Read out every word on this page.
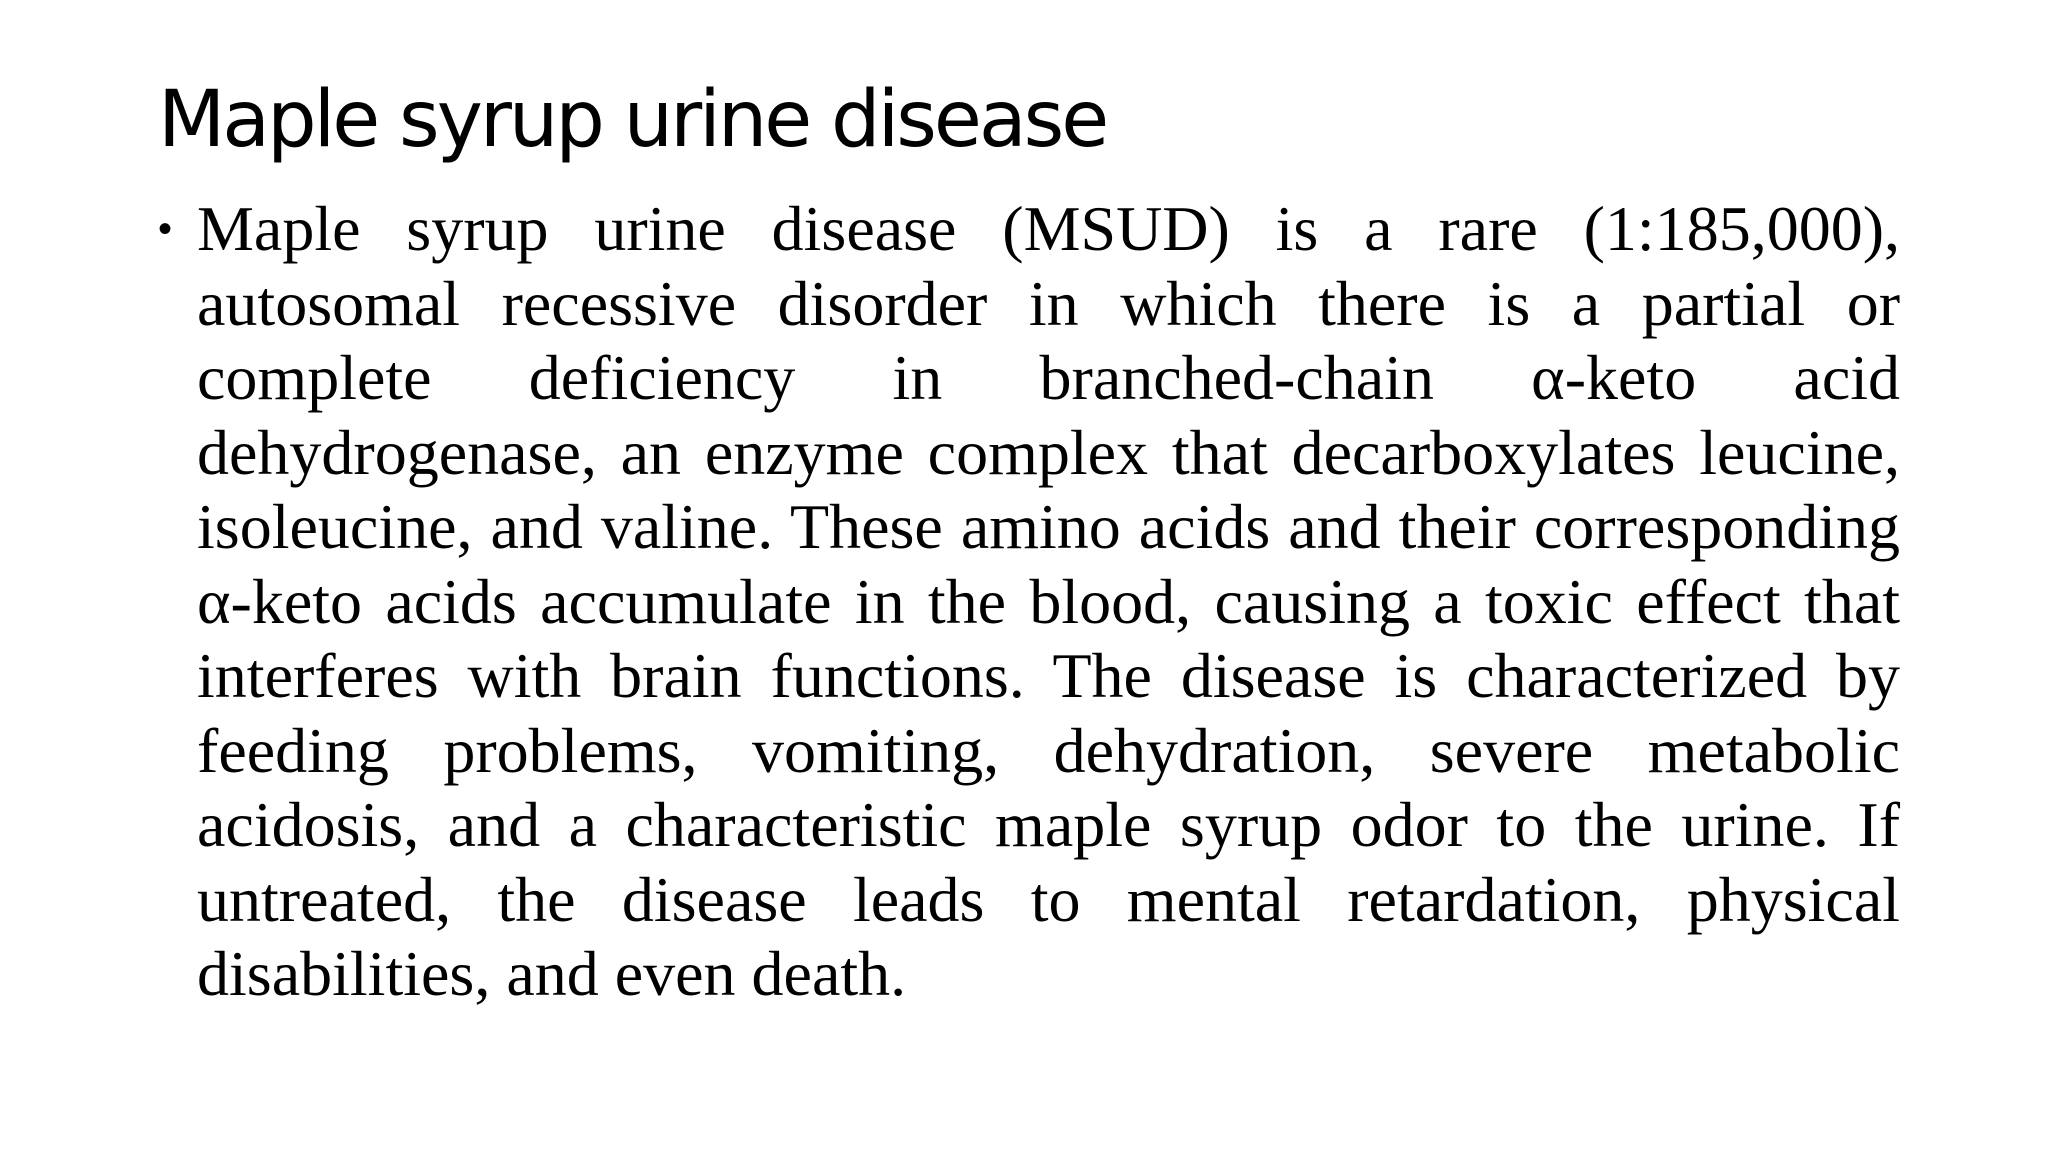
Maple syrup urine disease
• Maple syrup urine disease (MSUD) is a rare (1:185,000), autosomal recessive disorder in which there is a partial or complete deficiency in branched-chain α-keto acid dehydrogenase, an enzyme complex that decarboxylates leucine, isoleucine, and valine. These amino acids and their corresponding α-keto acids accumulate in the blood, causing a toxic effect that interferes with brain functions. The disease is characterized by feeding problems, vomiting, dehydration, severe metabolic acidosis, and a characteristic maple syrup odor to the urine. If untreated, the disease leads to mental retardation, physical disabilities, and even death.
